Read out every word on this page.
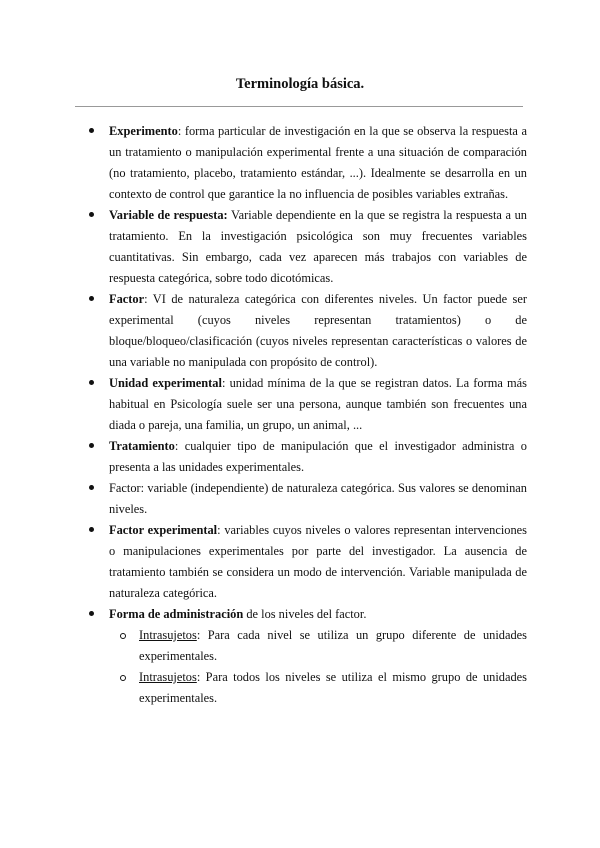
Terminología básica.
Experimento: forma particular de investigación en la que se observa la respuesta a un tratamiento o manipulación experimental frente a una situación de comparación (no tratamiento, placebo, tratamiento estándar, ...). Idealmente se desarrolla en un contexto de control que garantice la no influencia de posibles variables extrañas.
Variable de respuesta: Variable dependiente en la que se registra la respuesta a un tratamiento. En la investigación psicológica son muy frecuentes variables cuantitativas. Sin embargo, cada vez aparecen más trabajos con variables de respuesta categórica, sobre todo dicotómicas.
Factor: VI de naturaleza categórica con diferentes niveles. Un factor puede ser experimental (cuyos niveles representan tratamientos) o de bloque/bloqueo/clasificación (cuyos niveles representan características o valores de una variable no manipulada con propósito de control).
Unidad experimental: unidad mínima de la que se registran datos. La forma más habitual en Psicología suele ser una persona, aunque también son frecuentes una diada o pareja, una familia, un grupo, un animal, ...
Tratamiento: cualquier tipo de manipulación que el investigador administra o presenta a las unidades experimentales.
Factor: variable (independiente) de naturaleza categórica. Sus valores se denominan niveles.
Factor experimental: variables cuyos niveles o valores representan intervenciones o manipulaciones experimentales por parte del investigador. La ausencia de tratamiento también se considera un modo de intervención. Variable manipulada de naturaleza categórica.
Forma de administración de los niveles del factor.
Intrasujetos: Para cada nivel se utiliza un grupo diferente de unidades experimentales.
Intrasujetos: Para todos los niveles se utiliza el mismo grupo de unidades experimentales.
